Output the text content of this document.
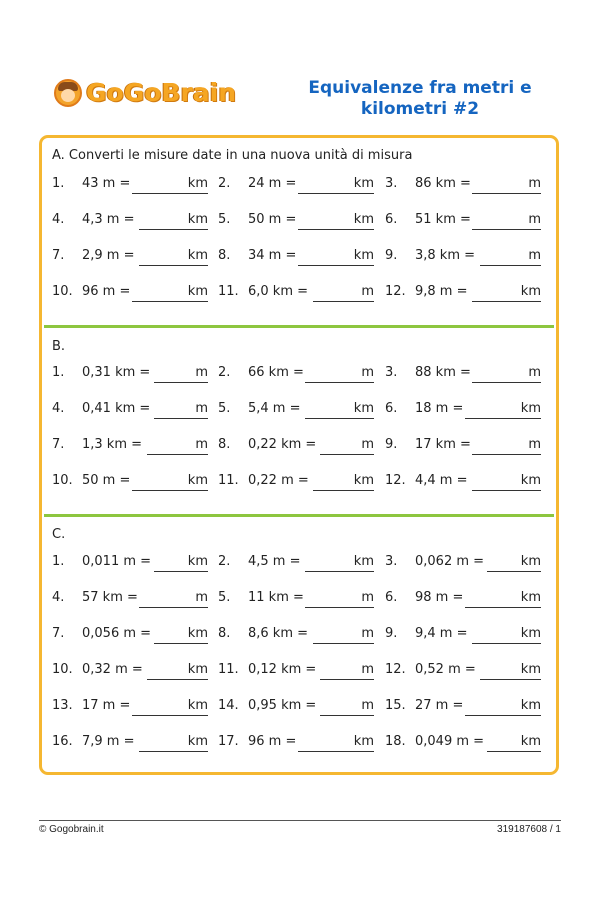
GoGoBrain	Equivalenze fra metri e
kilometri #2
A. Converti le misure date in una nuova unità di misura
1. 43 m =	km 2. 24 m =	km 3. 86 km =	m
4. 4,3 m =	km 5. 50 m =	km 6. 51 km =	m
7. 2,9 m =	km 8. 34 m =	km 9. 3,8 km =	m
10. 96 m =	km 11. 6,0 km =	m 12. 9,8 m =	km
B.
1. 0,31 km =	m 2. 66 km =	m 3. 88 km =	m
4. 0,41 km =	m 5. 5,4 m =	km 6. 18 m =	km
7. 1,3 km =	m 8. 0,22 km =	m 9. 17 km =	m
10. 50 m =	km 11. 0,22 m =	km 12. 4,4 m =	km
C.
1. 0,011 m =	km 2. 4,5 m =	km 3. 0,062 m =	km
4. 57 km =	m 5. 11 km =	m 6. 98 m =	km
7. 0,056 m =	km 8. 8,6 km =	m 9. 9,4 m =	km
10. 0,32 m =	km 11. 0,12 km =	m 12. 0,52 m =	km
13. 17 m =	km 14. 0,95 km =	m 15. 27 m =	km
16. 7,9 m =	km 17. 96 m =	km 18. 0,049 m =	km
© Gogobrain.it	319187608 / 1
